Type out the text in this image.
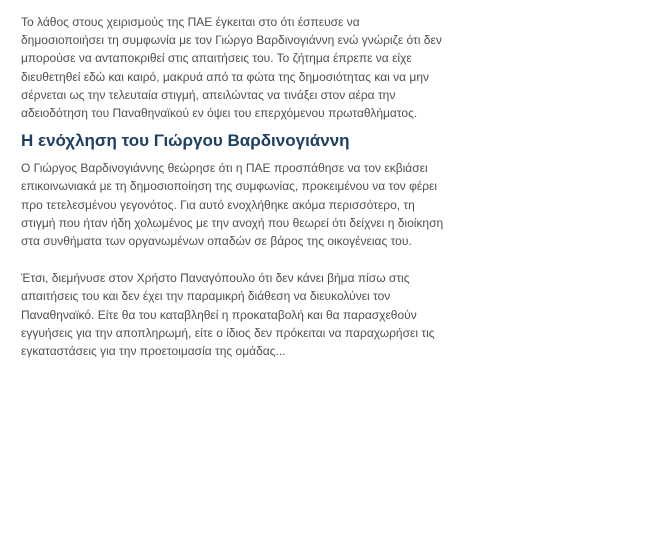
Το λάθος στους χειρισμούς της ΠΑΕ έγκειται στο ότι έσπευσε να
δημοσιοποιήσει τη συμφωνία με τον Γιώργο Βαρδινογιάννη ενώ γνώριζε ότι δεν
μπορούσε να ανταποκριθεί στις απαιτήσεις του. Το ζήτημα έπρεπε να είχε
διευθετηθεί εδώ και καιρό, μακρυά από τα φώτα της δημοσιότητας και να μην
σέρνεται ως την τελευταία στιγμή, απειλώντας να τινάξει στον αέρα την
αδειοδότηση του Παναθηναϊκού εν όψει του επερχόμενου πρωταθλήματος.

Η ενόχληση του Γιώργου Βαρδινογιάννη

Ο Γιώργος Βαρδινογιάννης θεώρησε ότι η ΠΑΕ προσπάθησε να τον εκβιάσει
επικοινωνιακά με τη δημοσιοποίηση της συμφωνίας, προκειμένου να τον φέρει
προ τετελεσμένου γεγονότος. Για αυτό ενοχλήθηκε ακόμα περισσότερο, τη
στιγμή που ήταν ήδη χολωμένος με την ανοχή που θεωρεί ότι δείχνει η διοίκηση
στα συνθήματα των οργανωμένων οπαδών σε βάρος της οικογένειας του.

Έτσι, διεμήνυσε στον Χρήστο Παναγόπουλο ότι δεν κάνει βήμα πίσω στις
απαιτήσεις του και δεν έχει την παραμικρή διάθεση να διευκολύνει τον
Παναθηναϊκό. Είτε θα του καταβληθεί η προκαταβολή και θα παρασχεθούν
εγγυήσεις για την αποπληρωμή, είτε ο ίδιος δεν πρόκειται να παραχωρήσει τις
εγκαταστάσεις για την προετοιμασία της ομάδας...
